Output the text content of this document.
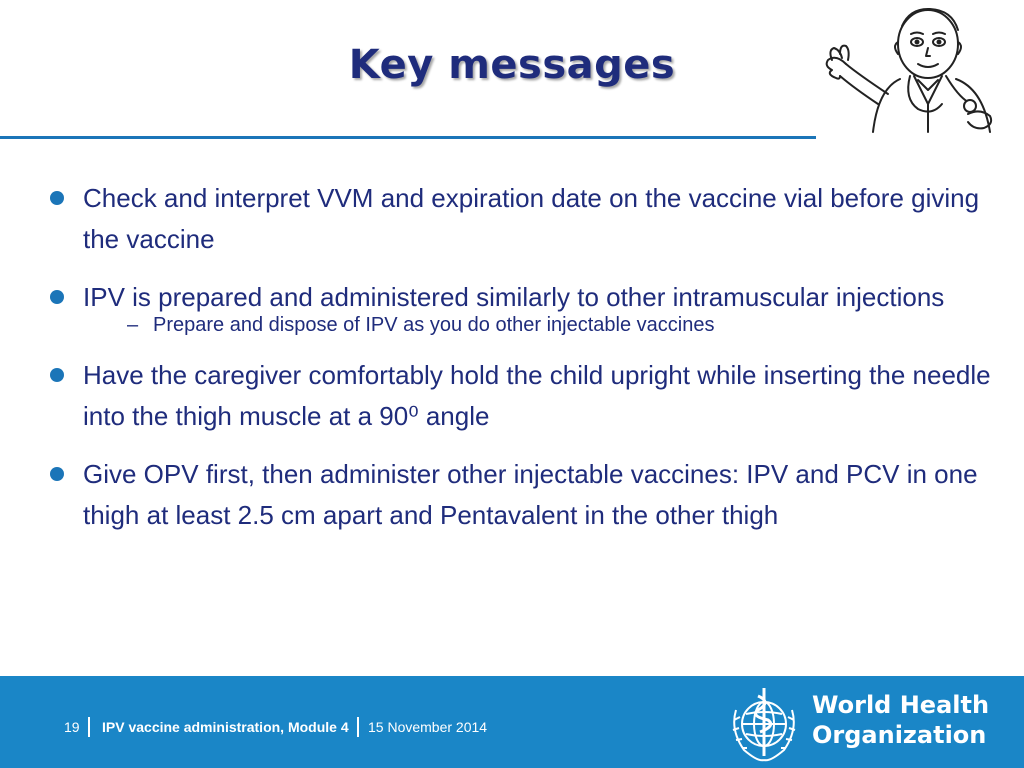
Key messages
Check and interpret VVM and expiration date on the vaccine vial before giving the vaccine
IPV is prepared and administered similarly to other intramuscular injections
– Prepare and dispose of IPV as you do other injectable vaccines
Have the caregiver comfortably hold the child upright while inserting the needle into the thigh muscle at a 90⁰ angle
Give OPV first, then administer other injectable vaccines: IPV and PCV in one thigh at least 2.5 cm apart and Pentavalent in the other thigh
19 IPV vaccine administration, Module 4 15 November 2014
World Health
Organization
